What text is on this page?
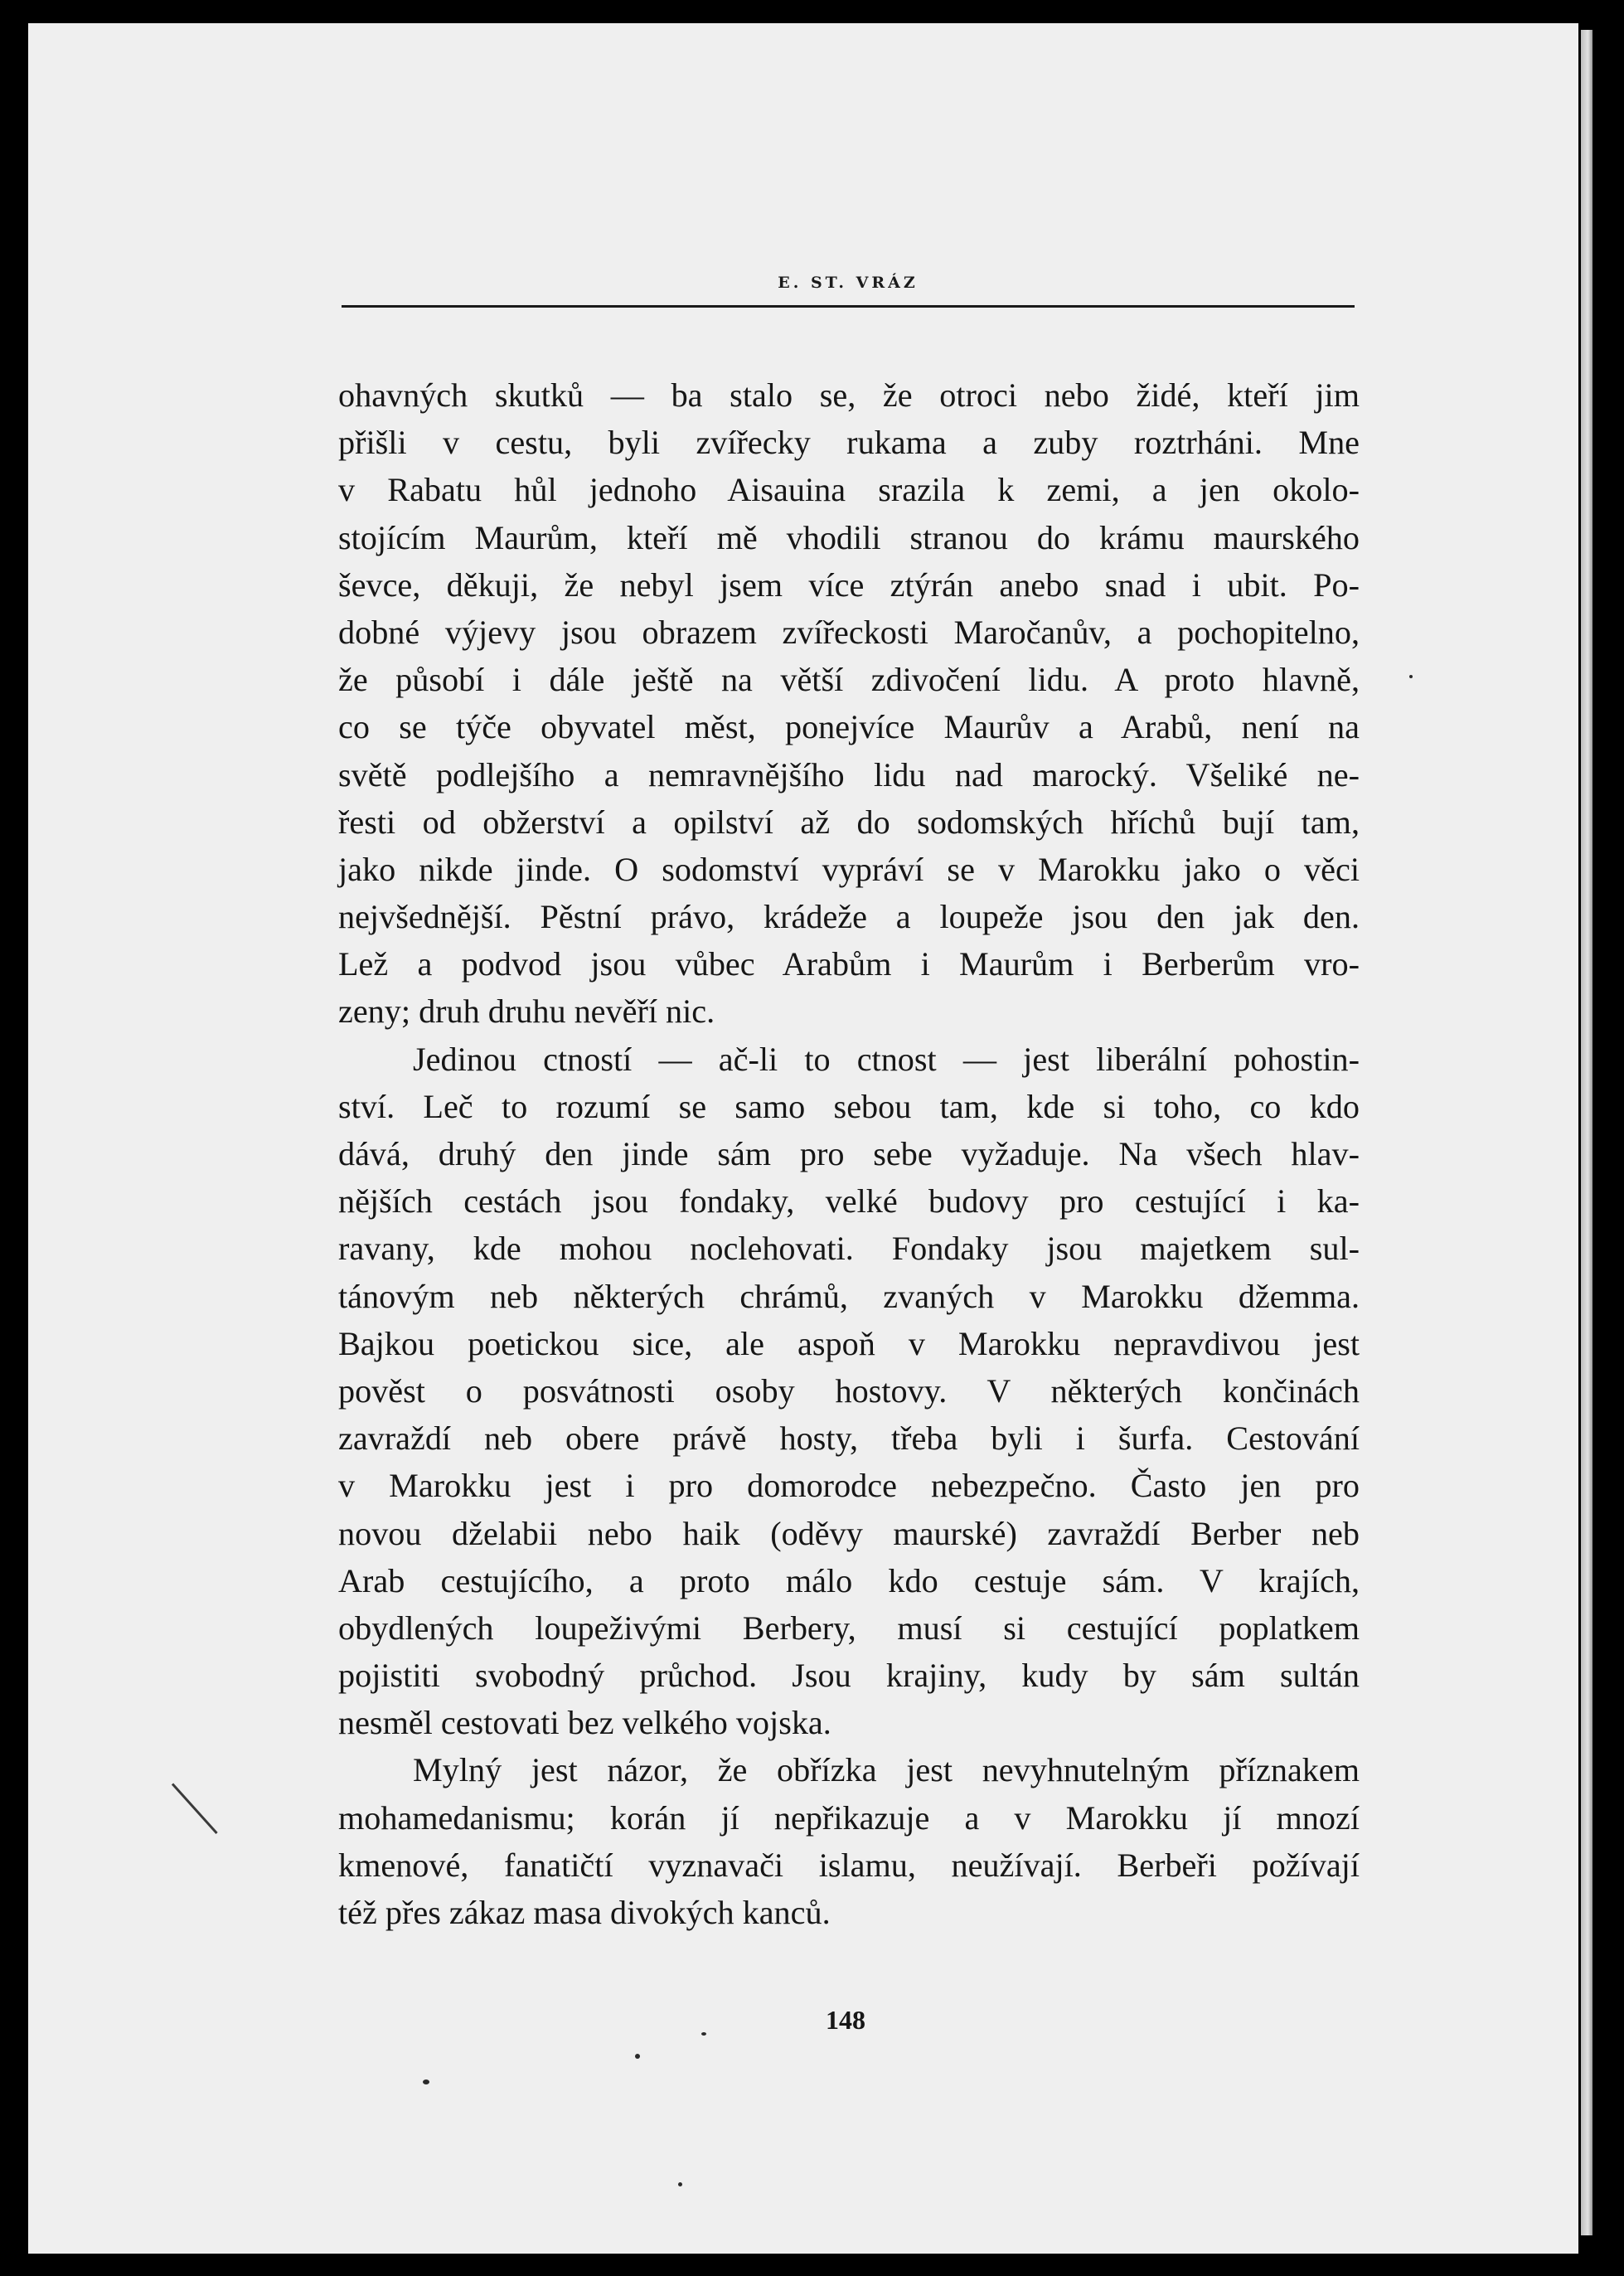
E. ST. VRÁZ
ohavných skutků — ba stalo se, že otroci nebo židé, kteří jim
přišli v cestu, byli zvířecky rukama a zuby roztrháni. Mne
v Rabatu hůl jednoho Aisauina srazila k zemi, a jen okolo-
stojícím Maurům, kteří mě vhodili stranou do krámu maurského
ševce, děkuji, že nebyl jsem více ztýrán anebo snad i ubit. Po-
dobné výjevy jsou obrazem zvířeckosti Maročanův, a pochopitelno,
že působí i dále ještě na větší zdivočení lidu. A proto hlavně,
co se týče obyvatel měst, ponejvíce Maurův a Arabů, není na
světě podlejšího a nemravnějšího lidu nad marocký. Všeliké ne-
řesti od obžerství a opilství až do sodomských hříchů bují tam,
jako nikde jinde. O sodomství vypráví se v Marokku jako o věci
nejvšednější. Pěstní právo, krádeže a loupeže jsou den jak den.
Lež a podvod jsou vůbec Arabům i Maurům i Berberům vro-
zeny; druh druhu nevěří nic.
Jedinou ctností — ač-li to ctnost — jest liberální pohostin-
ství. Leč to rozumí se samo sebou tam, kde si toho, co kdo
dává, druhý den jinde sám pro sebe vyžaduje. Na všech hlav-
nějších cestách jsou fondaky, velké budovy pro cestující i ka-
ravany, kde mohou noclehovati. Fondaky jsou majetkem sul-
tánovým neb některých chrámů, zvaných v Marokku džemma.
Bajkou poetickou sice, ale aspoň v Marokku nepravdivou jest
pověst o posvátnosti osoby hostovy. V některých končinách
zavraždí neb obere právě hosty, třeba byli i šurfa. Cestování
v Marokku jest i pro domorodce nebezpečno. Často jen pro
novou dželabii nebo haik (oděvy maurské) zavraždí Berber neb
Arab cestujícího, a proto málo kdo cestuje sám. V krajích,
obydlených loupeživými Berbery, musí si cestující poplatkem
pojistiti svobodný průchod. Jsou krajiny, kudy by sám sultán
nesměl cestovati bez velkého vojska.
Mylný jest názor, že obřízka jest nevyhnutelným příznakem
mohamedanismu; korán jí nepřikazuje a v Marokku jí mnozí
kmenové, fanatičtí vyznavači islamu, neužívají. Berbeři požívají
též přes zákaz masa divokých kanců.
148
